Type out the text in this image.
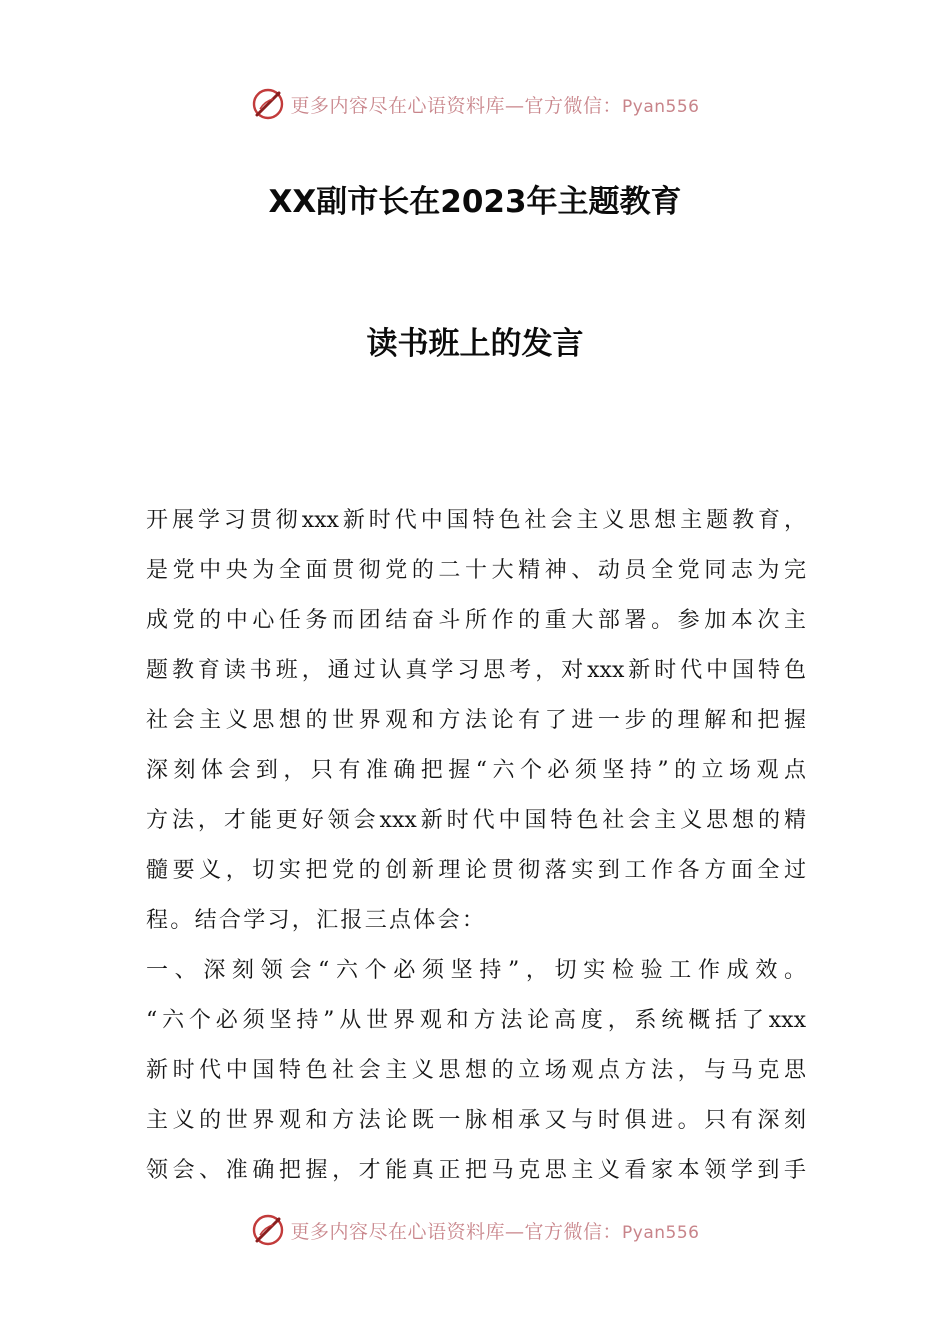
更多内容尽在心语资料库—官方微信：Pyan556
XX副市长在2023年主题教育
读书班上的发言
开展学习贯彻xxx新时代中国特色社会主义思想主题教育，
是党中央为全面贯彻党的二十大精神、动员全党同志为完
成党的中心任务而团结奋斗所作的重大部署。参加本次主
题教育读书班，通过认真学习思考，对xxx新时代中国特色
社会主义思想的世界观和方法论有了进一步的理解和把握
深刻体会到，只有准确把握“六个必须坚持”的立场观点
方法，才能更好领会xxx新时代中国特色社会主义思想的精
髓要义，切实把党的创新理论贯彻落实到工作各方面全过
程。结合学习，汇报三点体会：
一、深刻领会“六个必须坚持”，切实检验工作成效。
“六个必须坚持”从世界观和方法论高度，系统概括了xxx
新时代中国特色社会主义思想的立场观点方法，与马克思
主义的世界观和方法论既一脉相承又与时俱进。只有深刻
领会、准确把握，才能真正把马克思主义看家本领学到手
更多内容尽在心语资料库—官方微信：Pyan556
